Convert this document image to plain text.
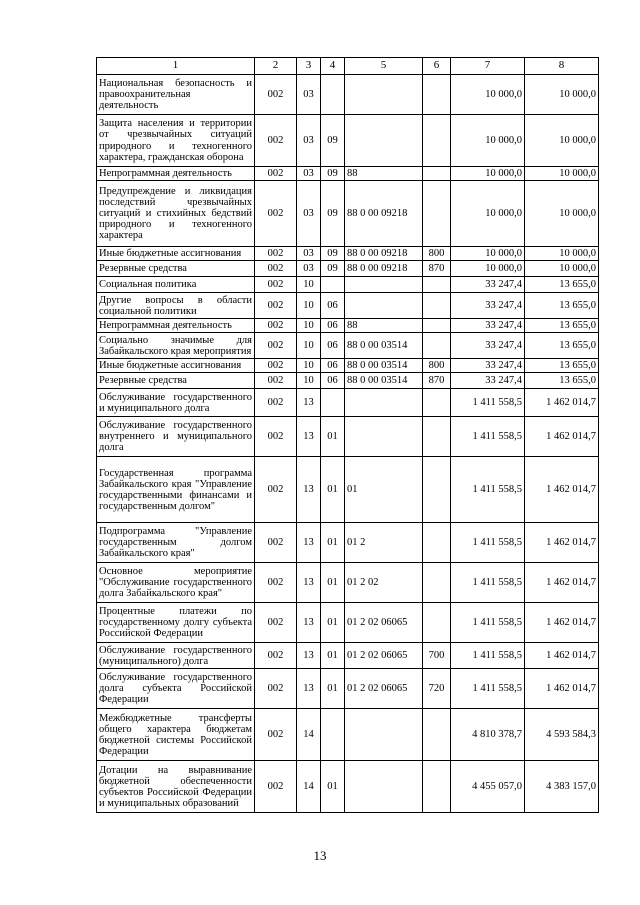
1	2	3	4	5	6	7	8
Национальная безопасность и правоохранительная деятельность	002	03				10 000,0	10 000,0
Защита населения и территории от чрезвычайных ситуаций природного и техногенного характера, гражданская оборона	002	03	09			10 000,0	10 000,0
Непрограммная деятельность	002	03	09	88		10 000,0	10 000,0
Предупреждение и ликвидация последствий чрезвычайных ситуаций и стихийных бедствий природного и техногенного характера	002	03	09	88 0 00 09218		10 000,0	10 000,0
Иные бюджетные ассигнования	002	03	09	88 0 00 09218	800	10 000,0	10 000,0
Резервные средства	002	03	09	88 0 00 09218	870	10 000,0	10 000,0
Социальная политика	002	10				33 247,4	13 655,0
Другие вопросы в области социальной политики	002	10	06			33 247,4	13 655,0
Непрограммная деятельность	002	10	06	88		33 247,4	13 655,0
Социально значимые для Забайкальского края мероприятия	002	10	06	88 0 00 03514		33 247,4	13 655,0
Иные бюджетные ассигнования	002	10	06	88 0 00 03514	800	33 247,4	13 655,0
Резервные средства	002	10	06	88 0 00 03514	870	33 247,4	13 655,0
Обслуживание государственного и муниципального долга	002	13				1 411 558,5	1 462 014,7
Обслуживание государственного внутреннего и муниципального долга	002	13	01			1 411 558,5	1 462 014,7
Государственная программа Забайкальского края "Управление государственными финансами и государственным долгом"	002	13	01	01		1 411 558,5	1 462 014,7
Подпрограмма "Управление государственным долгом Забайкальского края"	002	13	01	01 2		1 411 558,5	1 462 014,7
Основное мероприятие "Обслуживание государственного долга Забайкальского края"	002	13	01	01 2 02		1 411 558,5	1 462 014,7
Процентные платежи по государственному долгу субъекта Российской Федерации	002	13	01	01 2 02 06065		1 411 558,5	1 462 014,7
Обслуживание государственного (муниципального) долга	002	13	01	01 2 02 06065	700	1 411 558,5	1 462 014,7
Обслуживание государственного долга субъекта Российской Федерации	002	13	01	01 2 02 06065	720	1 411 558,5	1 462 014,7
Межбюджетные трансферты общего характера бюджетам бюджетной системы Российской Федерации	002	14				4 810 378,7	4 593 584,3
Дотации на выравнивание бюджетной обеспеченности субъектов Российской Федерации и муниципальных образований	002	14	01			4 455 057,0	4 383 157,0
13
